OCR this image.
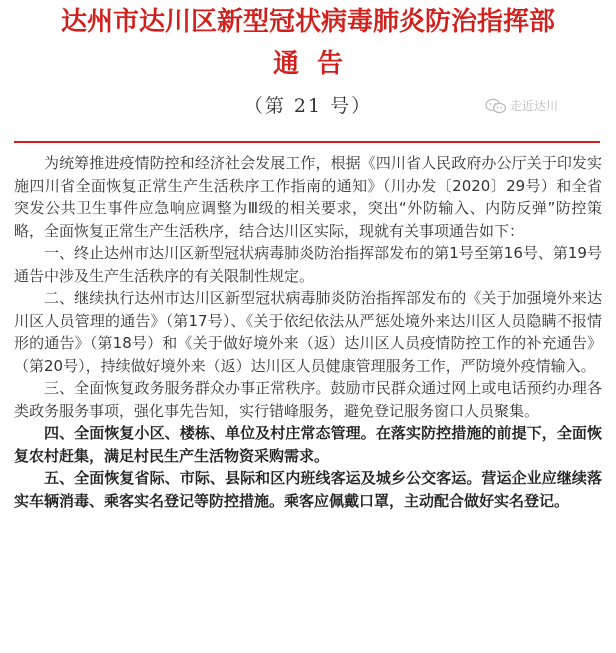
达州市达川区新型冠状病毒肺炎防治指挥部
通告
（第 21 号）	走近达川

为统筹推进疫情防控和经济社会发展工作，根据《四川省人民政府办公厅关于印发实施四川省全面恢复正常生产生活秩序工作指南的通知》（川办发〔2020〕29号）和全省突发公共卫生事件应急响应调整为Ⅲ级的相关要求，突出“外防输入、内防反弹”防控策略，全面恢复正常生产生活秩序，结合达川区实际，现就有关事项通告如下：

一、终止达州市达川区新型冠状病毒肺炎防治指挥部发布的第1号至第16号、第19号通告中涉及生产生活秩序的有关限制性规定。

二、继续执行达州市达川区新型冠状病毒肺炎防治指挥部发布的《关于加强境外来达川区人员管理的通告》（第17号）、《关于依纪依法从严惩处境外来达川区人员隐瞒不报情形的通告》（第18号）和《关于做好境外来（返）达川区人员疫情防控工作的补充通告》（第20号），持续做好境外来（返）达川区人员健康管理服务工作，严防境外疫情输入。

三、全面恢复政务服务群众办事正常秩序。鼓励市民群众通过网上或电话预约办理各类政务服务事项，强化事先告知，实行错峰服务，避免登记服务窗口人员聚集。

四、全面恢复小区、楼栋、单位及村庄常态管理。在落实防控措施的前提下，全面恢复农村赶集，满足村民生产生活物资采购需求。

五、全面恢复省际、市际、县际和区内班线客运及城乡公交客运。营运企业应继续落实车辆消毒、乘客实名登记等防控措施。乘客应佩戴口罩，主动配合做好实名登记。
